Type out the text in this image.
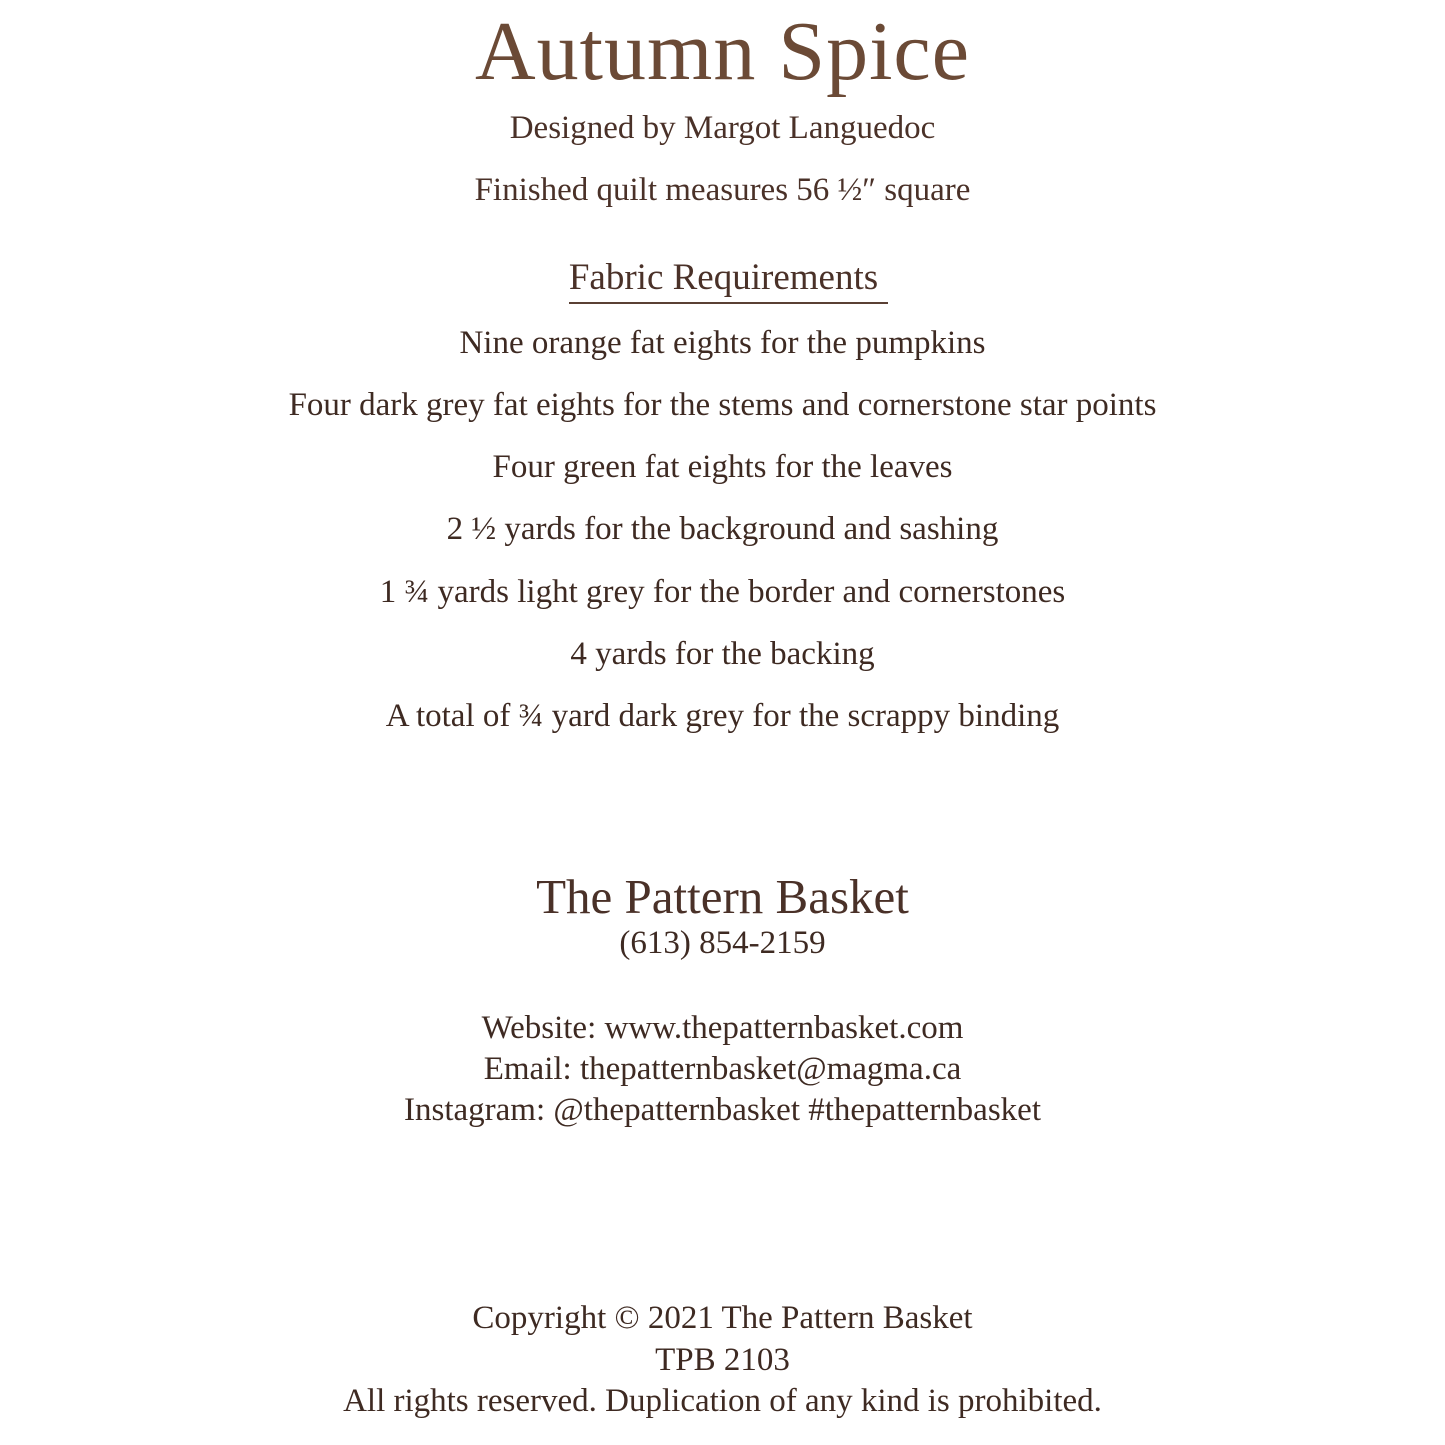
Autumn Spice
Designed by Margot Languedoc
Finished quilt measures 56 ½″ square
Fabric Requirements
Nine orange fat eights for the pumpkins
Four dark grey fat eights for the stems and cornerstone star points
Four green fat eights for the leaves
2 ½ yards for the background and sashing
1 ¾ yards light grey for the border and cornerstones
4 yards for the backing
A total of ¾ yard dark grey for the scrappy binding
The Pattern Basket
(613) 854-2159
Website: www.thepatternbasket.com
Email: thepatternbasket@magma.ca
Instagram: @thepatternbasket #thepatternbasket
Copyright © 2021 The Pattern Basket
TPB 2103
All rights reserved. Duplication of any kind is prohibited.
